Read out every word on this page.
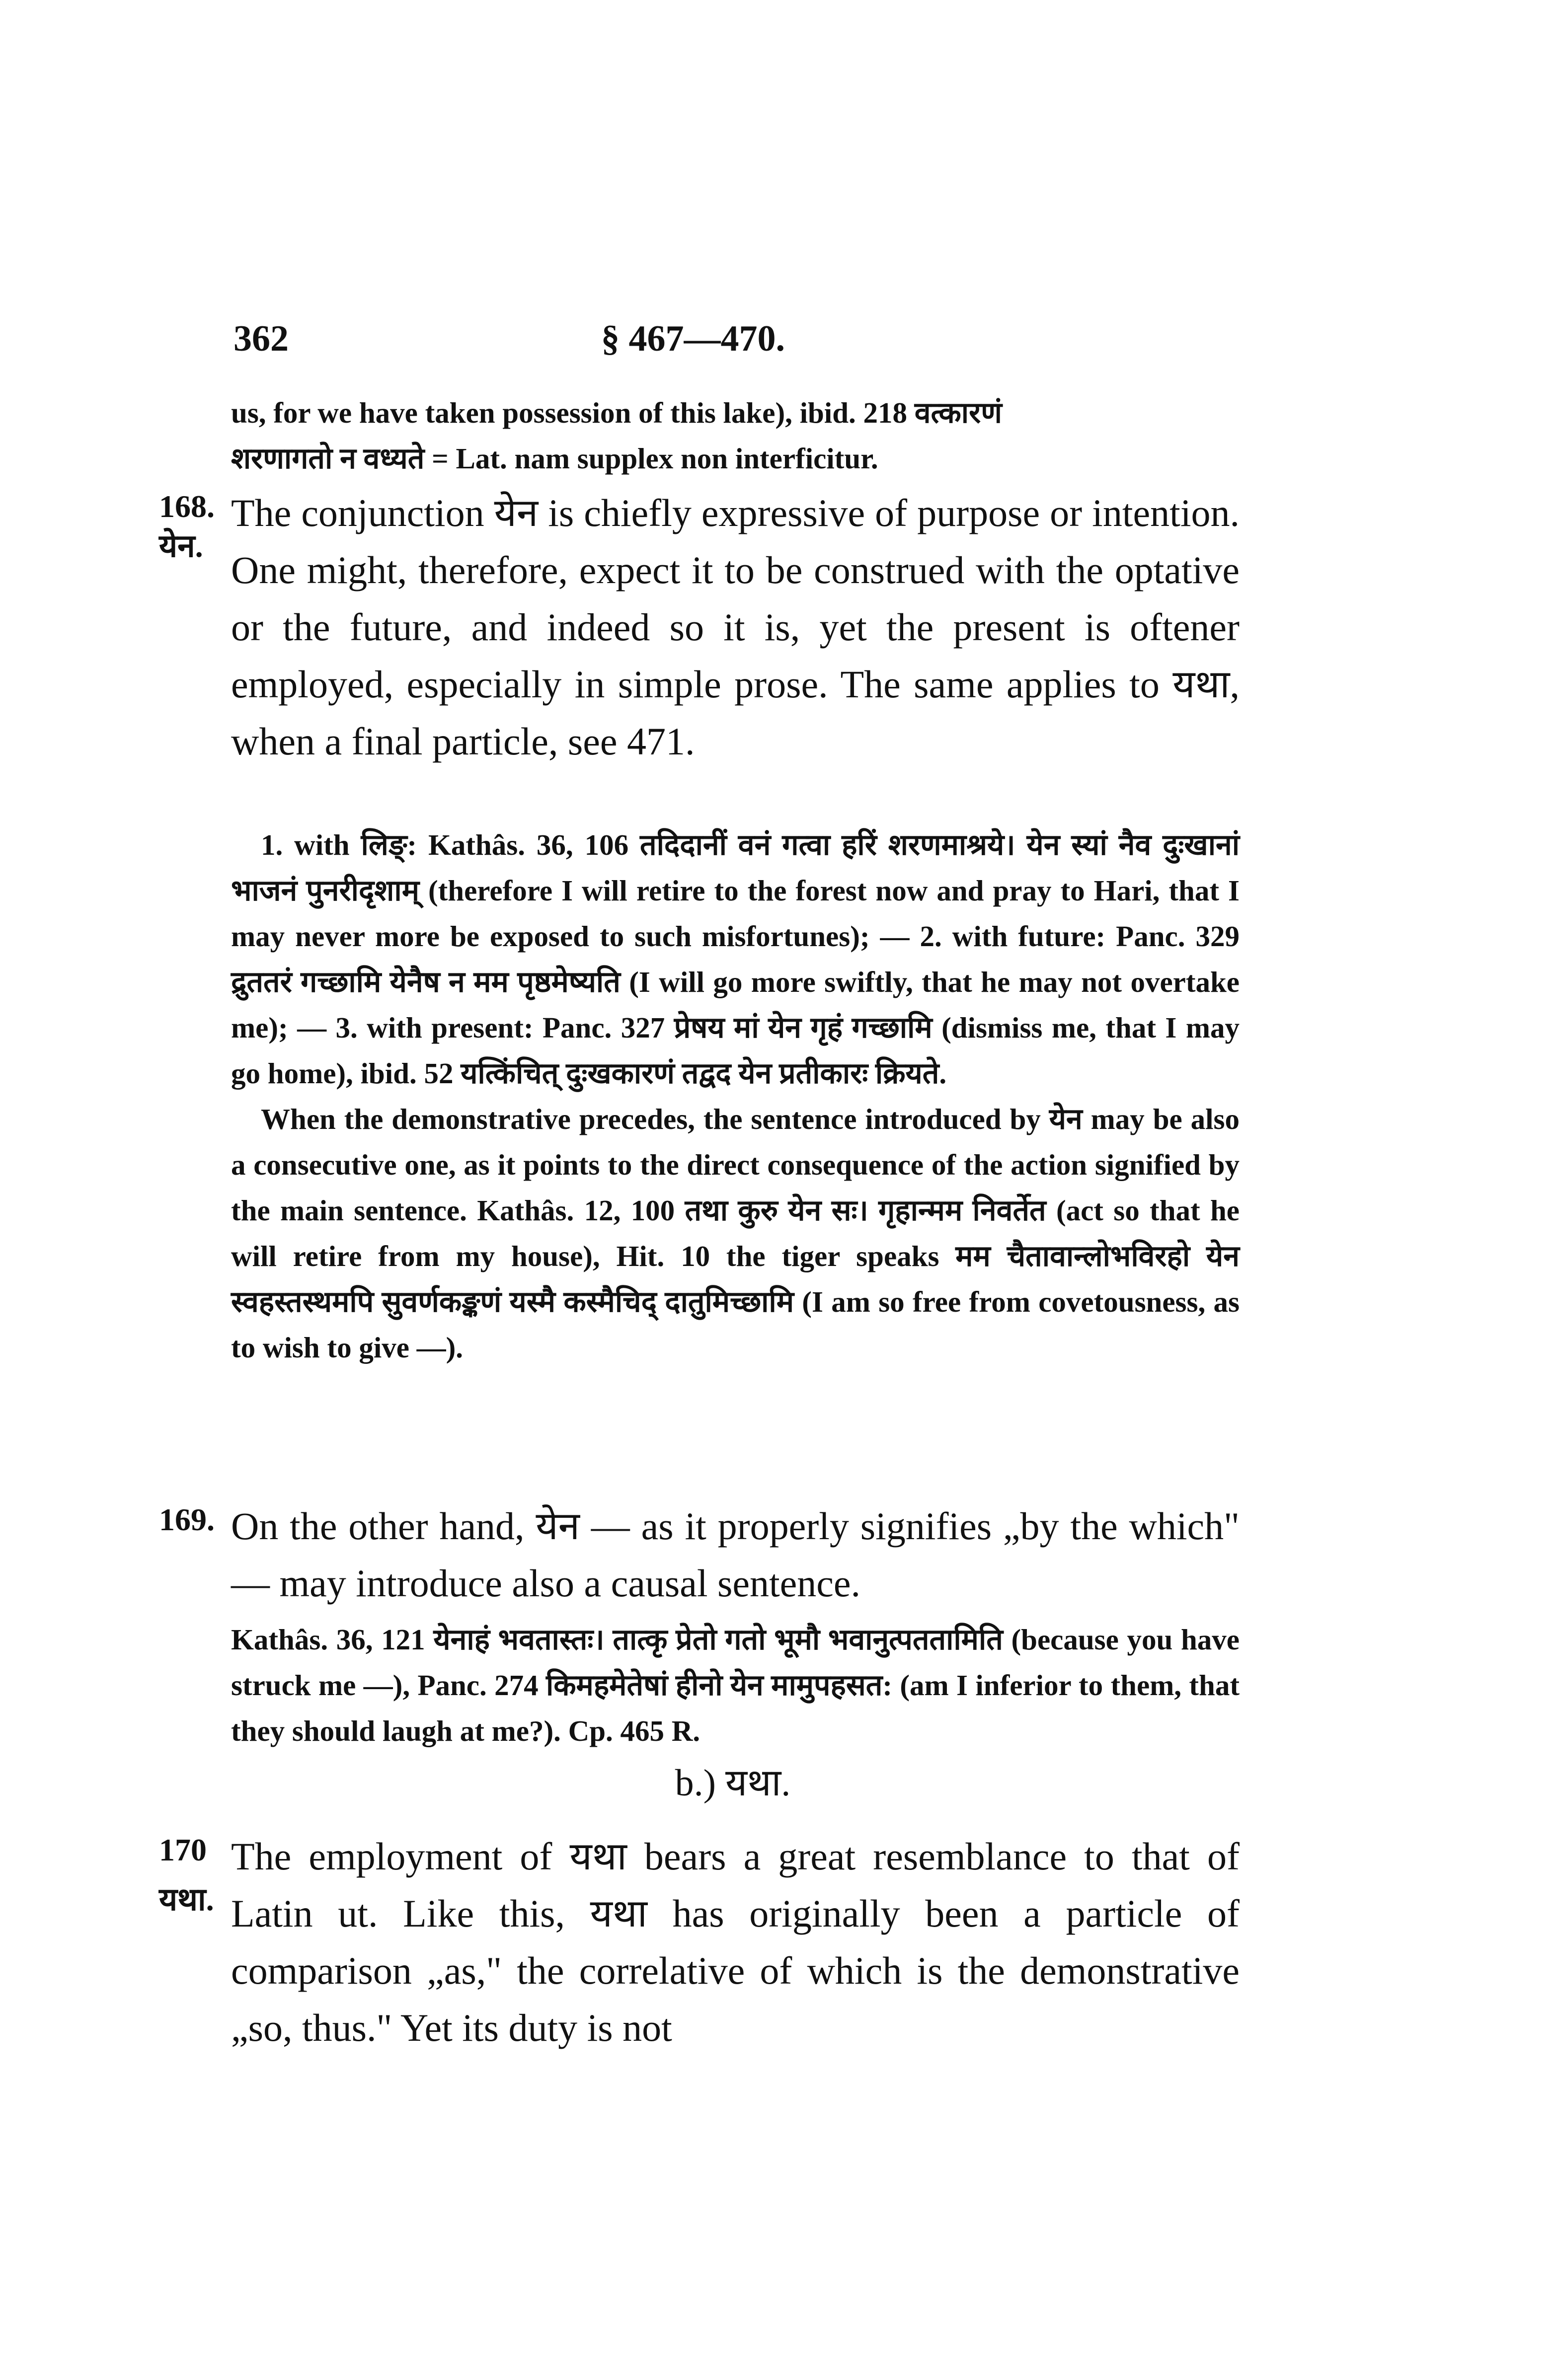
362	§ 467—470.

us, for we have taken possession of this lake), ibid. 218 वत्कारणं

शरणागतो न वध्यते = Lat. nam supplex non interficitur.

168.
येन.

The conjunction येन is chiefly expressive of purpose or intention. One might, therefore, expect it to be construed with the optative or the future, and indeed so it is, yet the present is oftener employed, especially in simple prose. The same applies to यथा, when a final particle, see 471.

1. with लिङ्: Kathâs. 36, 106 तदिदानीं वनं गत्वा हरिं शरणमाश्रये। येन स्यां नैव दुःखानां भाजनं पुनरीदृशाम् (therefore I will retire to the forest now and pray to Hari, that I may never more be exposed to such misfortunes); — 2. with future: Panc. 329 द्रुततरं गच्छामि येनैष न मम पृष्ठमेष्यति (I will go more swiftly, that he may not overtake me); — 3. with present: Panc. 327 प्रेषय मां येन गृहं गच्छामि (dismiss me, that I may go home), ibid. 52 यत्किंचित् दुःखकारणं तद्वद येन प्रतीकारः क्रियते.

When the demonstrative precedes, the sentence introduced by येन may be also a consecutive one, as it points to the direct consequence of the action signified by the main sentence. Kathâs. 12, 100 तथा कुरु येन सः। गृहान्मम निवर्तेत (act so that he will retire from my house), Hit. 10 the tiger speaks मम चैतावान्लोभविरहो येन स्वहस्तस्थमपि सुवर्णकङ्कणं यस्मै कस्मैचिद् दातुमिच्छामि (I am so free from covetousness, as to wish to give —).

169. On the other hand, येन — as it properly signifies „by the which" — may introduce also a causal sentence.

Kathâs. 36, 121 येनाहं भवतास्तः। तात्कृ प्रेतो गतो भूमौ भवानुत्पततामिति (because you have struck me —), Panc. 274 किमहमेतेषां हीनो येन मामुपहसत: (am I inferior to them, that they should laugh at me?). Cp. 465 R.

b.) यथा.
170
यथा.

The employment of यथा bears a great resemblance to that of Latin ut. Like this, यथा has originally been a particle of comparison „as," the correlative of which is the demonstrative „so, thus." Yet its duty is not
